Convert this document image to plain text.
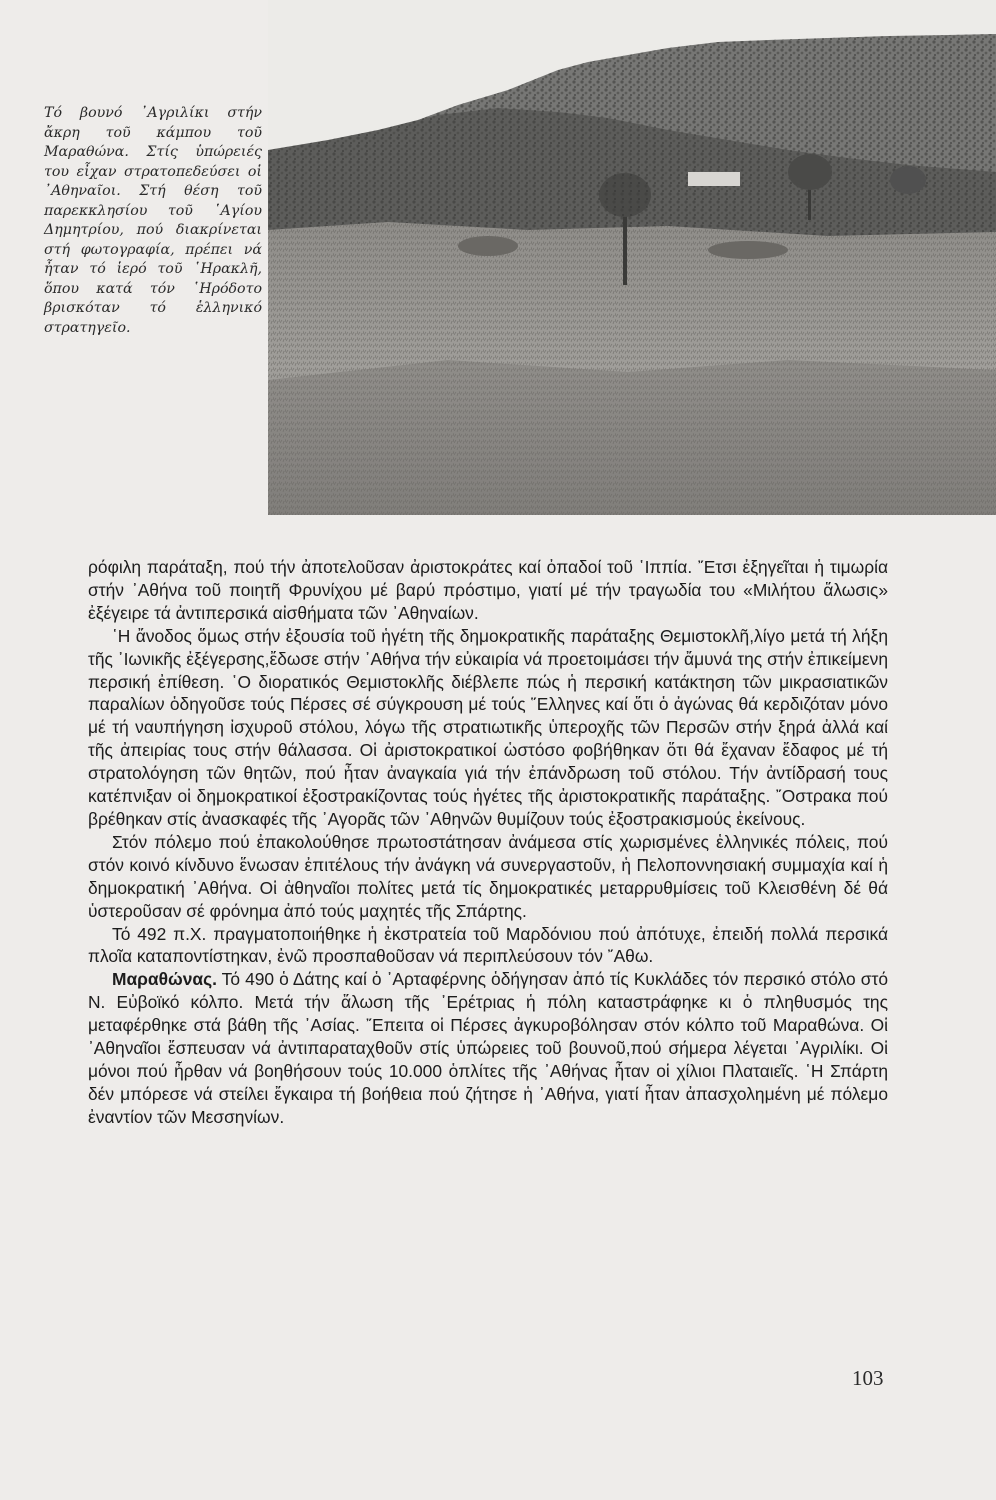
Τό βουνό ᾿Αγριλίκι στήν ἄκρη τοῦ κάμπου τοῦ Μαραθώνα. Στίς ὑπώρειές του εἶχαν στρατοπεδεύσει οἱ ᾿Αθηναῖοι. Στή θέση τοῦ παρεκκλησίου τοῦ ῾Αγίου Δημητρίου, πού διακρίνεται στή φωτογραφία, πρέπει νά ἦταν τό ἱερό τοῦ ῾Ηρακλῆ, ὅπου κατά τόν ῾Ηρόδοτο βρισκόταν τό ἑλληνικό στρατηγεῖο.

ρόφιλη παράταξη, πού τήν ἀποτελοῦσαν ἀριστοκράτες καί ὀπαδοί τοῦ ῾Ιππία. ῎Ετσι ἐξηγεῖται ἡ τιμωρία στήν ᾿Αθήνα τοῦ ποιητῆ Φρυνίχου μέ βαρύ πρόστιμο, γιατί μέ τήν τραγωδία του «Μιλήτου ἅλωσις» ἐξέγειρε τά ἀντιπερσικά αἰσθήματα τῶν ᾿Αθηναίων.

῾Η ἄνοδος ὅμως στήν ἐξουσία τοῦ ἡγέτη τῆς δημοκρατικῆς παράταξης Θεμιστοκλῆ,λίγο μετά τή λήξη τῆς ᾿Ιωνικῆς ἐξέγερσης,ἔδωσε στήν ᾿Αθήνα τήν εὐκαιρία νά προετοιμάσει τήν ἄμυνά της στήν ἐπικείμενη περσική ἐπίθεση. ῾Ο διορατικός Θεμιστοκλῆς διέβλεπε πώς ἡ περσική κατάκτηση τῶν μικρασιατικῶν παραλίων ὁδηγοῦσε τούς Πέρσες σέ σύγκρουση μέ τούς ῞Ελληνες καί ὅτι ὁ ἀγώνας θά κερδιζόταν μόνο μέ τή ναυπήγηση ἰσχυροῦ στόλου, λόγω τῆς στρατιωτικῆς ὑπεροχῆς τῶν Περσῶν στήν ξηρά ἀλλά καί τῆς ἀπειρίας τους στήν θάλασσα. Οἱ ἀριστοκρατικοί ὡστόσο φοβήθηκαν ὅτι θά ἔχαναν ἔδαφος μέ τή στρατολόγηση τῶν θητῶν, πού ἦταν ἀναγκαία γιά τήν ἐπάνδρωση τοῦ στόλου. Τήν ἀντίδρασή τους κατέπνιξαν οἱ δημοκρατικοί ἐξοστρακίζοντας τούς ἡγέτες τῆς ἀριστοκρατικῆς παράταξης. ῎Οστρακα πού βρέθηκαν στίς ἀνασκαφές τῆς ᾿Αγορᾶς τῶν ᾿Αθηνῶν θυμίζουν τούς ἐξοστρακισμούς ἐκείνους.

Στόν πόλεμο πού ἐπακολούθησε πρωτοστάτησαν ἀνάμεσα στίς χωρισμένες ἑλληνικές πόλεις, πού στόν κοινό κίνδυνο ἕνωσαν ἐπιτέλους τήν ἀνάγκη νά συνεργαστοῦν, ἡ Πελοποννησιακή συμμαχία καί ἡ δημοκρατική ᾿Αθήνα. Οἱ ἀθηναῖοι πολίτες μετά τίς δημοκρατικές μεταρρυθμίσεις τοῦ Κλεισθένη δέ θά ὑστεροῦσαν σέ φρόνημα ἀπό τούς μαχητές τῆς Σπάρτης.

Τό 492 π.Χ. πραγματοποιήθηκε ἡ ἐκστρατεία τοῦ Μαρδόνιου πού ἀπότυχε, ἐπειδή πολλά περσικά πλοῖα καταποντίστηκαν, ἐνῶ προσπαθοῦσαν νά περιπλεύσουν τόν ῎Αθω.

Μαραθώνας. Τό 490 ὁ Δάτης καί ὁ ᾿Αρταφέρνης ὁδήγησαν ἀπό τίς Κυκλάδες τόν περσικό στόλο στό Ν. Εὐβοϊκό κόλπο. Μετά τήν ἅλωση τῆς ᾿Ερέτριας ἡ πόλη καταστράφηκε κι ὁ πληθυσμός της μεταφέρθηκε στά βάθη τῆς ᾿Ασίας. ῎Επειτα οἱ Πέρσες ἀγκυροβόλησαν στόν κόλπο τοῦ Μαραθώνα. Οἱ ᾿Αθηναῖοι ἔσπευσαν νά ἀντιπαραταχθοῦν στίς ὑπώρειες τοῦ βουνοῦ,πού σήμερα λέγεται ᾿Αγριλίκι. Οἱ μόνοι πού ἦρθαν νά βοηθήσουν τούς 10.000 ὁπλίτες τῆς ᾿Αθήνας ἦταν οἱ χίλιοι Πλαταιεῖς. ῾Η Σπάρτη δέν μπόρεσε νά στείλει ἔγκαιρα τή βοήθεια πού ζήτησε ἡ ᾿Αθήνα, γιατί ἦταν ἀπασχολημένη μέ πόλεμο ἐναντίον τῶν Μεσσηνίων.

103
